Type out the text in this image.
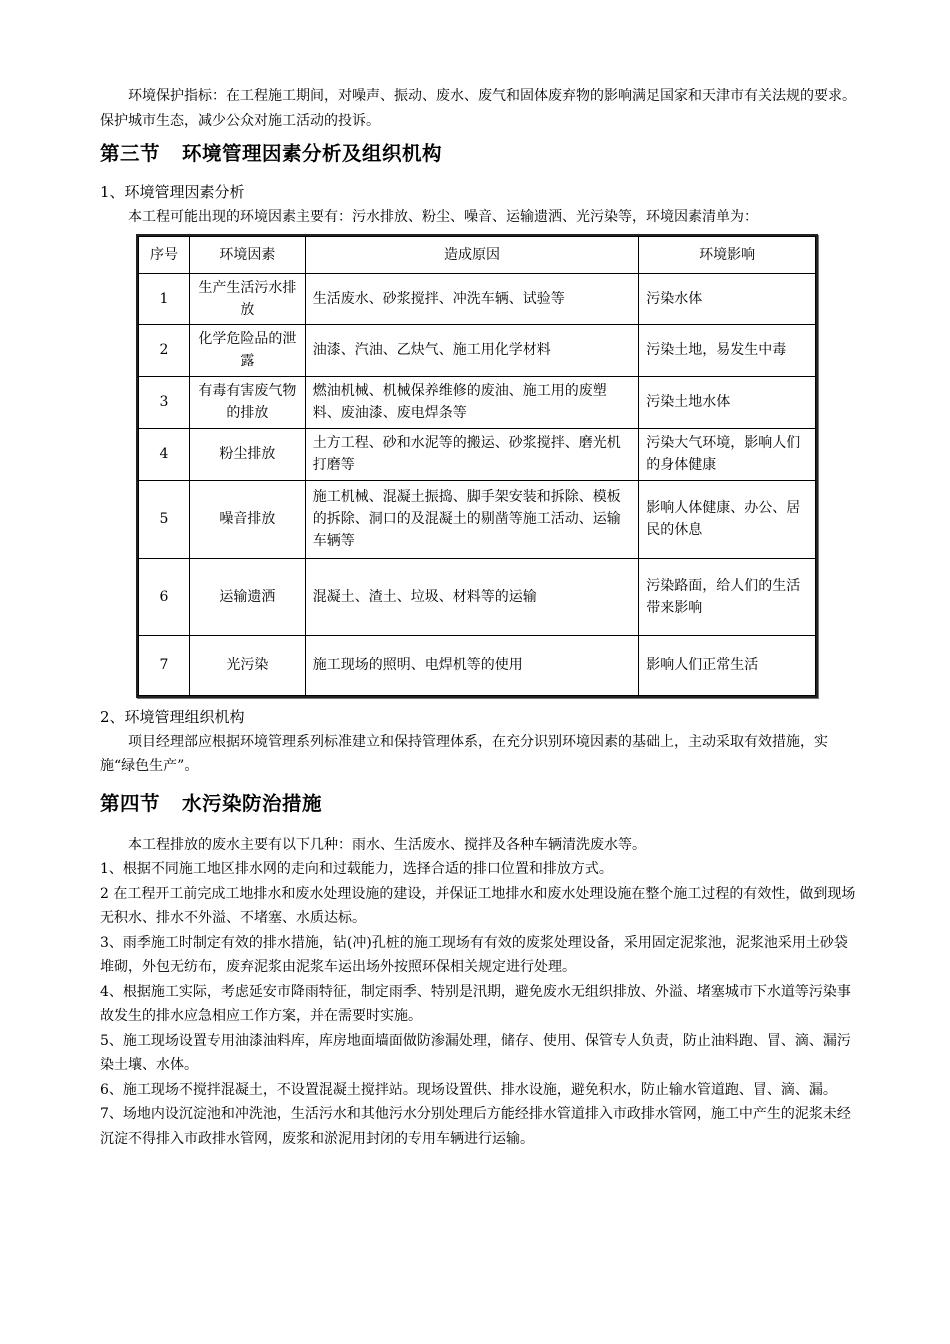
环境保护指标：在工程施工期间，对噪声、振动、废水、废气和固体废弃物的影响满足国家和天津市有关法规的要求。保护城市生态，减少公众对施工活动的投诉。

第三节 环境管理因素分析及组织机构
1、环境管理因素分析

本工程可能出现的环境因素主要有：污水排放、粉尘、噪音、运输遗洒、光污染等，环境因素清单为：

序号	环境因素	造成原因	环境影响
1	生产生活污水排放	生活废水、砂浆搅拌、冲洗车辆、试验等	污染水体
2	化学危险品的泄露	油漆、汽油、乙炔气、施工用化学材料	污染土地，易发生中毒
3	有毒有害废气物的排放	燃油机械、机械保养维修的废油、施工用的废塑料、废油漆、废电焊条等	污染土地水体
4	粉尘排放	土方工程、砂和水泥等的搬运、砂浆搅拌、磨光机打磨等	污染大气环境，影响人们的身体健康
5	噪音排放	施工机械、混凝土振捣、脚手架安装和拆除、模板的拆除、洞口的及混凝土的剔凿等施工活动、运输车辆等	影响人体健康、办公、居民的休息
6	运输遗洒	混凝土、渣土、垃圾、材料等的运输	污染路面，给人们的生活带来影响
7	光污染	施工现场的照明、电焊机等的使用	影响人们正常生活
2、环境管理组织机构

项目经理部应根据环境管理系列标准建立和保持管理体系，在充分识别环境因素的基础上，主动采取有效措施，实施“绿色生产”。

第四节 水污染防治措施

本工程排放的废水主要有以下几种：雨水、生活废水、搅拌及各种车辆清洗废水等。

1、根据不同施工地区排水网的走向和过载能力，选择合适的排口位置和排放方式。

2 在工程开工前完成工地排水和废水处理设施的建设，并保证工地排水和废水处理设施在整个施工过程的有效性，做到现场无积水、排水不外溢、不堵塞、水质达标。

3、雨季施工时制定有效的排水措施，钻(冲)孔桩的施工现场有有效的废浆处理设备，采用固定泥浆池，泥浆池采用土砂袋堆砌，外包无纺布，废弃泥浆由泥浆车运出场外按照环保相关规定进行处理。

4、根据施工实际，考虑延安市降雨特征，制定雨季、特别是汛期，避免废水无组织排放、外溢、堵塞城市下水道等污染事故发生的排水应急相应工作方案，并在需要时实施。

5、施工现场设置专用油漆油料库，库房地面墙面做防渗漏处理，储存、使用、保管专人负责，防止油料跑、冒、滴、漏污染土壤、水体。

6、施工现场不搅拌混凝土，不设置混凝土搅拌站。现场设置供、排水设施，避免积水，防止输水管道跑、冒、滴、漏。

7、场地内设沉淀池和冲洗池，生活污水和其他污水分别处理后方能经排水管道排入市政排水管网，施工中产生的泥浆未经沉淀不得排入市政排水管网，废浆和淤泥用封闭的专用车辆进行运输。
